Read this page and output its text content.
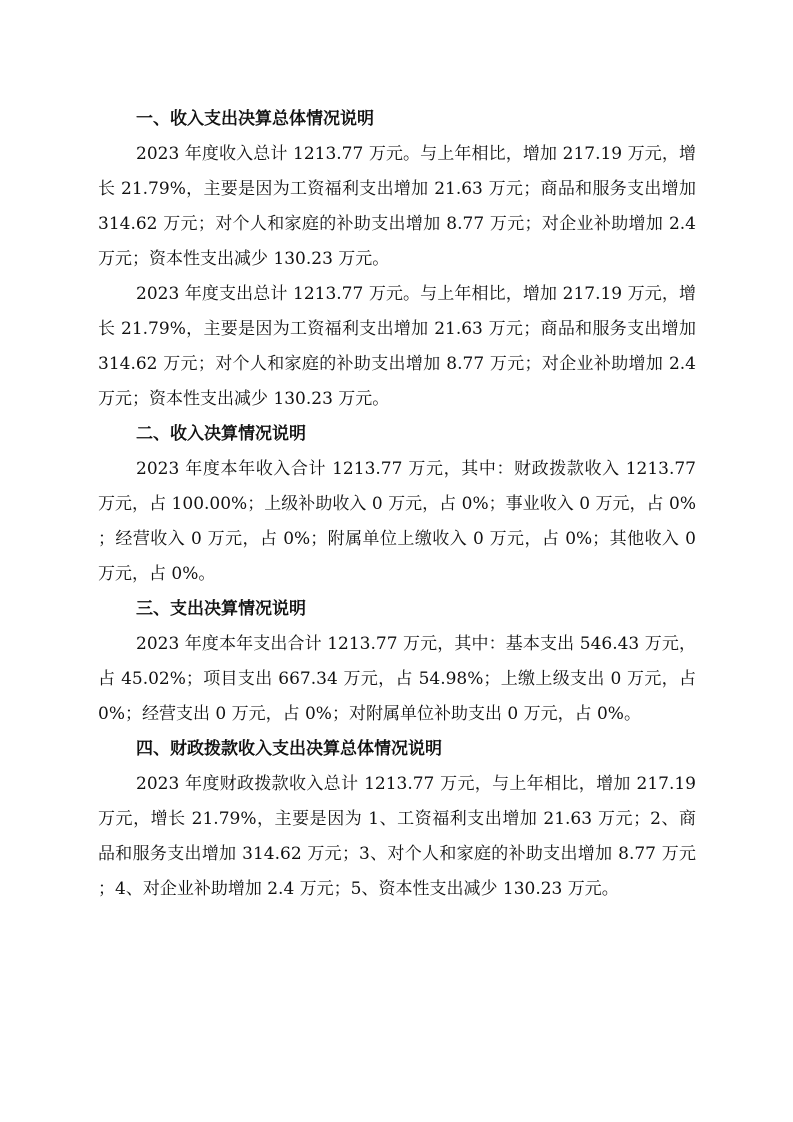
一、收入支出决算总体情况说明

2023 年度收入总计 1213.77 万元。与上年相比，增加 217.19 万元，增长 21.79%，主要是因为工资福利支出增加 21.63 万元；商品和服务支出增加 314.62 万元；对个人和家庭的补助支出增加 8.77 万元；对企业补助增加 2.4 万元；资本性支出减少 130.23 万元。

2023 年度支出总计 1213.77 万元。与上年相比，增加 217.19 万元，增长 21.79%，主要是因为工资福利支出增加 21.63 万元；商品和服务支出增加 314.62 万元；对个人和家庭的补助支出增加 8.77 万元；对企业补助增加 2.4 万元；资本性支出减少 130.23 万元。

二、收入决算情况说明

2023 年度本年收入合计 1213.77 万元，其中：财政拨款收入 1213.77 万元，占 100.00%；上级补助收入 0 万元，占 0%；事业收入 0 万元，占 0%；经营收入 0 万元，占 0%；附属单位上缴收入 0 万元，占 0%；其他收入 0 万元，占 0%。

三、支出决算情况说明

2023 年度本年支出合计 1213.77 万元，其中：基本支出 546.43 万元，占 45.02%；项目支出 667.34 万元，占 54.98%；上缴上级支出 0 万元，占 0%；经营支出 0 万元，占 0%；对附属单位补助支出 0 万元，占 0%。

四、财政拨款收入支出决算总体情况说明

2023 年度财政拨款收入总计 1213.77 万元，与上年相比，增加 217.19 万元，增长 21.79%，主要是因为 1、工资福利支出增加 21.63 万元；2、商品和服务支出增加 314.62 万元；3、对个人和家庭的补助支出增加 8.77 万元；4、对企业补助增加 2.4 万元；5、资本性支出减少 130.23 万元。
